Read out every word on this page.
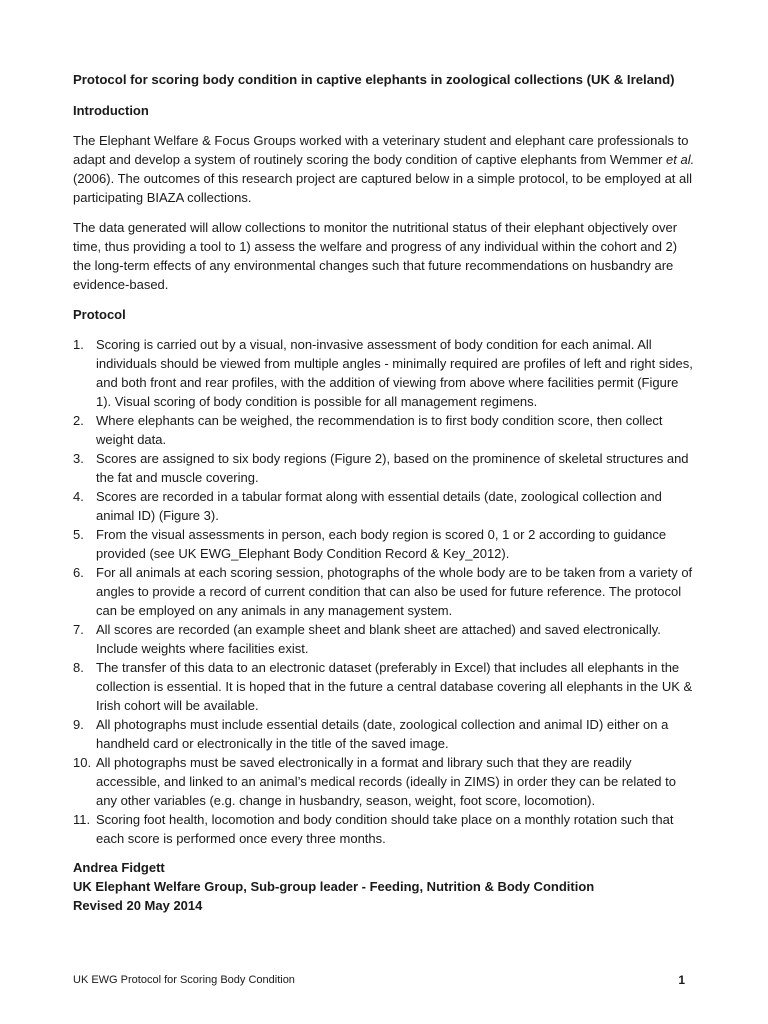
Protocol for scoring body condition in captive elephants in zoological collections (UK & Ireland)
Introduction

The Elephant Welfare & Focus Groups worked with a veterinary student and elephant care professionals to adapt and develop a system of routinely scoring the body condition of captive elephants from Wemmer et al. (2006). The outcomes of this research project are captured below in a simple protocol, to be employed at all participating BIAZA collections.

The data generated will allow collections to monitor the nutritional status of their elephant objectively over time, thus providing a tool to 1) assess the welfare and progress of any individual within the cohort and 2) the long-term effects of any environmental changes such that future recommendations on husbandry are evidence-based.

Protocol
1. Scoring is carried out by a visual, non-invasive assessment of body condition for each animal. All individuals should be viewed from multiple angles - minimally required are profiles of left and right sides, and both front and rear profiles, with the addition of viewing from above where facilities permit (Figure 1). Visual scoring of body condition is possible for all management regimens.
2. Where elephants can be weighed, the recommendation is to first body condition score, then collect weight data.
3. Scores are assigned to six body regions (Figure 2), based on the prominence of skeletal structures and the fat and muscle covering.
4. Scores are recorded in a tabular format along with essential details (date, zoological collection and animal ID) (Figure 3).
5. From the visual assessments in person, each body region is scored 0, 1 or 2 according to guidance provided (see UK EWG_Elephant Body Condition Record & Key_2012).
6. For all animals at each scoring session, photographs of the whole body are to be taken from a variety of angles to provide a record of current condition that can also be used for future reference. The protocol can be employed on any animals in any management system.
7. All scores are recorded (an example sheet and blank sheet are attached) and saved electronically. Include weights where facilities exist.
8. The transfer of this data to an electronic dataset (preferably in Excel) that includes all elephants in the collection is essential. It is hoped that in the future a central database covering all elephants in the UK & Irish cohort will be available.
9. All photographs must include essential details (date, zoological collection and animal ID) either on a handheld card or electronically in the title of the saved image.
10. All photographs must be saved electronically in a format and library such that they are readily accessible, and linked to an animal’s medical records (ideally in ZIMS) in order they can be related to any other variables (e.g. change in husbandry, season, weight, foot score, locomotion).
11. Scoring foot health, locomotion and body condition should take place on a monthly rotation such that each score is performed once every three months.
Andrea Fidgett
UK Elephant Welfare Group, Sub-group leader - Feeding, Nutrition & Body Condition
Revised 20 May 2014
UK EWG Protocol for Scoring Body Condition	1
